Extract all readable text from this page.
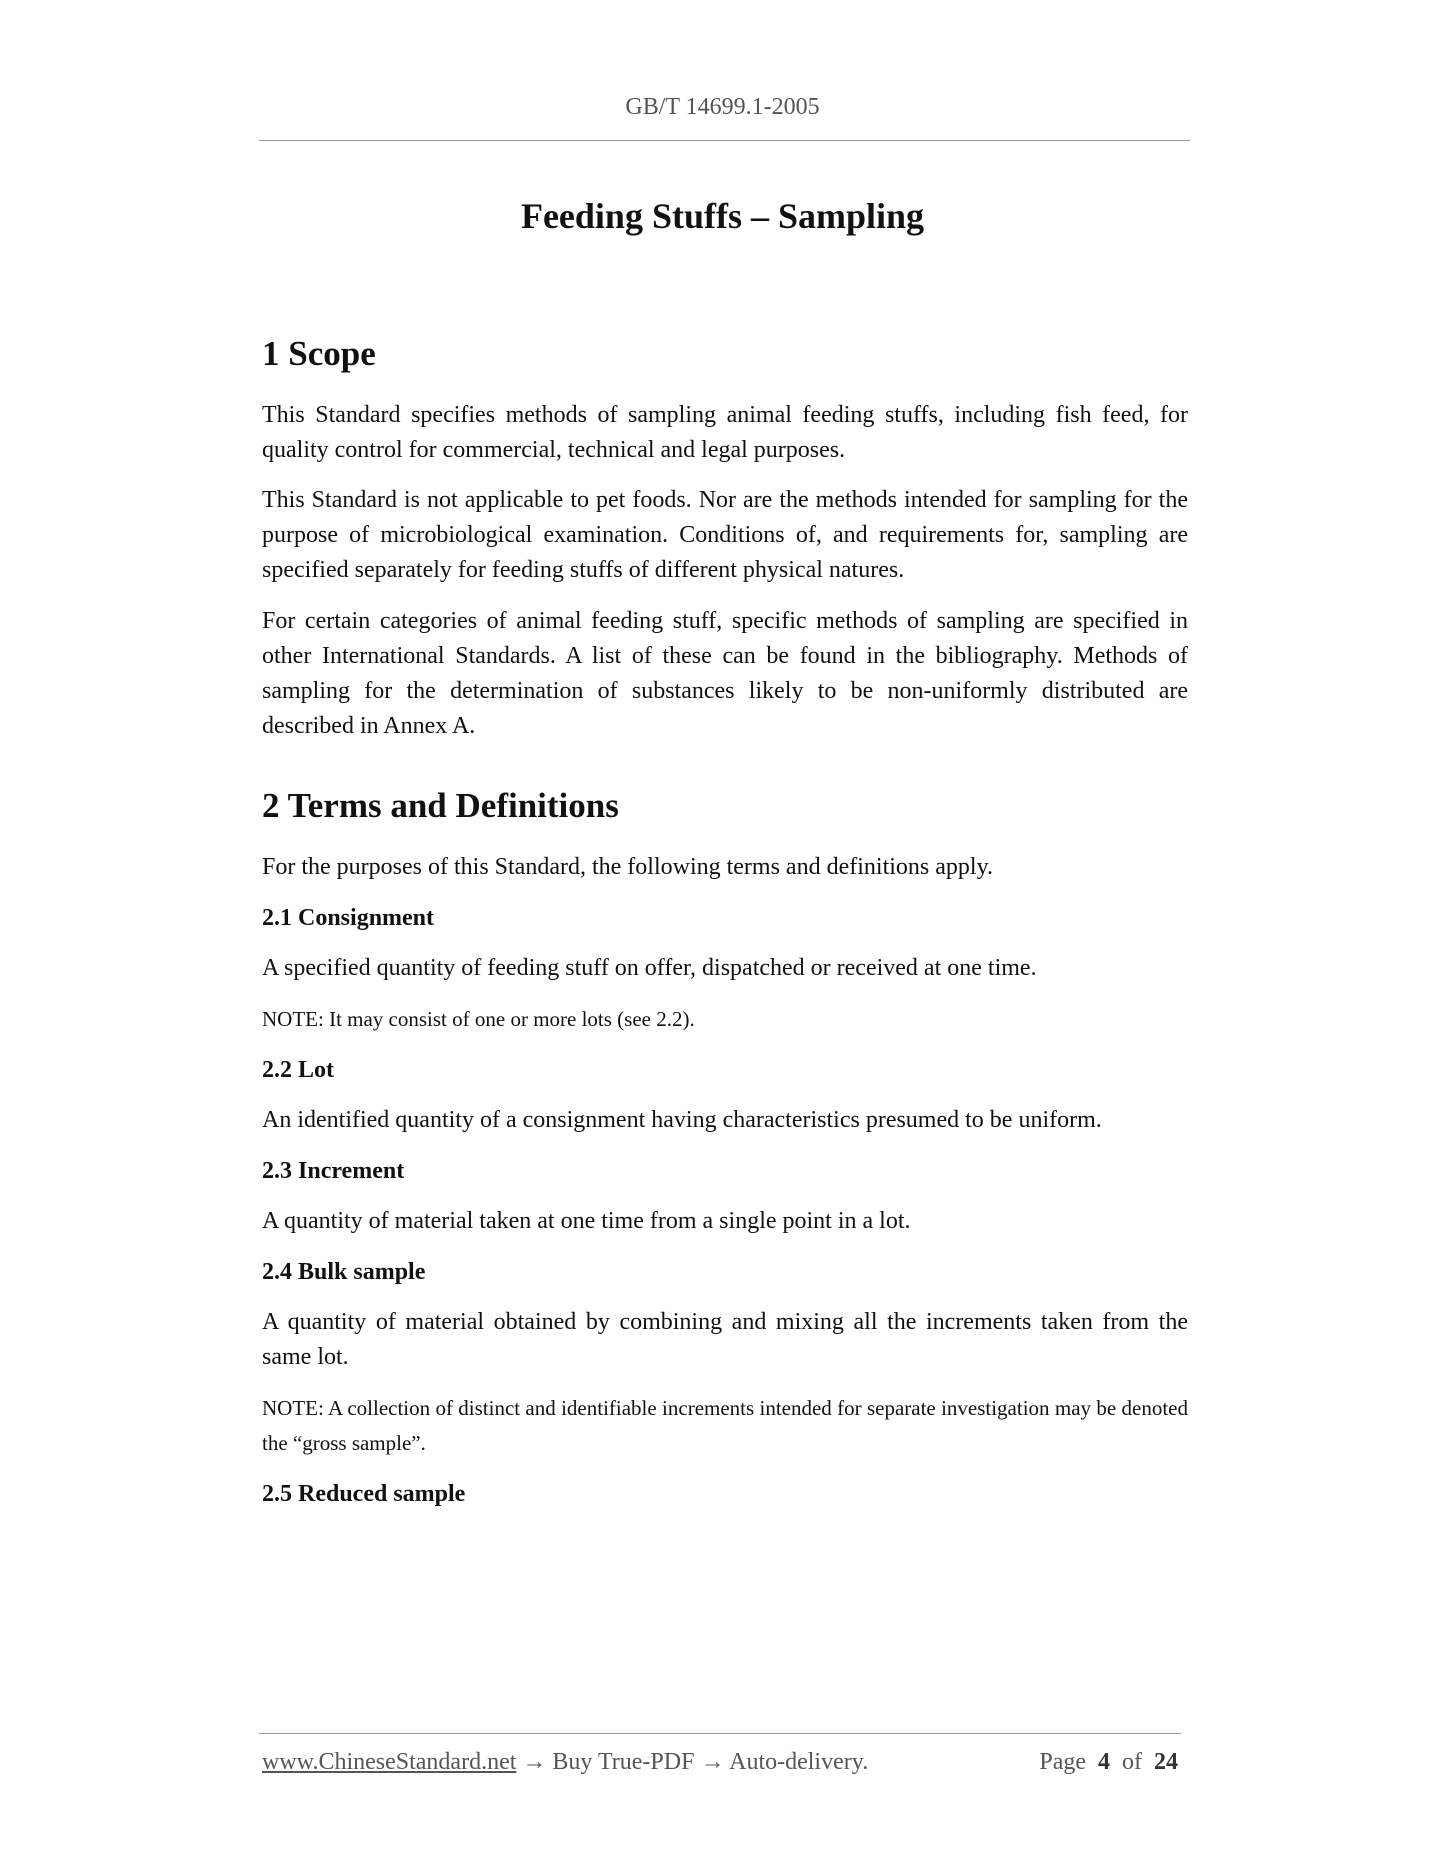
GB/T 14699.1-2005
Feeding Stuffs – Sampling
1 Scope

This Standard specifies methods of sampling animal feeding stuffs, including fish feed, for quality control for commercial, technical and legal purposes.

This Standard is not applicable to pet foods. Nor are the methods intended for sampling for the purpose of microbiological examination. Conditions of, and requirements for, sampling are specified separately for feeding stuffs of different physical natures.

For certain categories of animal feeding stuff, specific methods of sampling are specified in other International Standards. A list of these can be found in the bibliography. Methods of sampling for the determination of substances likely to be non-uniformly distributed are described in Annex A.

2 Terms and Definitions

For the purposes of this Standard, the following terms and definitions apply.

2.1 Consignment

A specified quantity of feeding stuff on offer, dispatched or received at one time.

NOTE: It may consist of one or more lots (see 2.2).

2.2 Lot

An identified quantity of a consignment having characteristics presumed to be uniform.

2.3 Increment

A quantity of material taken at one time from a single point in a lot.

2.4 Bulk sample

A quantity of material obtained by combining and mixing all the increments taken from the same lot.

NOTE: A collection of distinct and identifiable increments intended for separate investigation may be denoted the “gross sample”.

2.5 Reduced sample
www.ChineseStandard.net → Buy True-PDF → Auto-delivery.	Page 4 of 24
